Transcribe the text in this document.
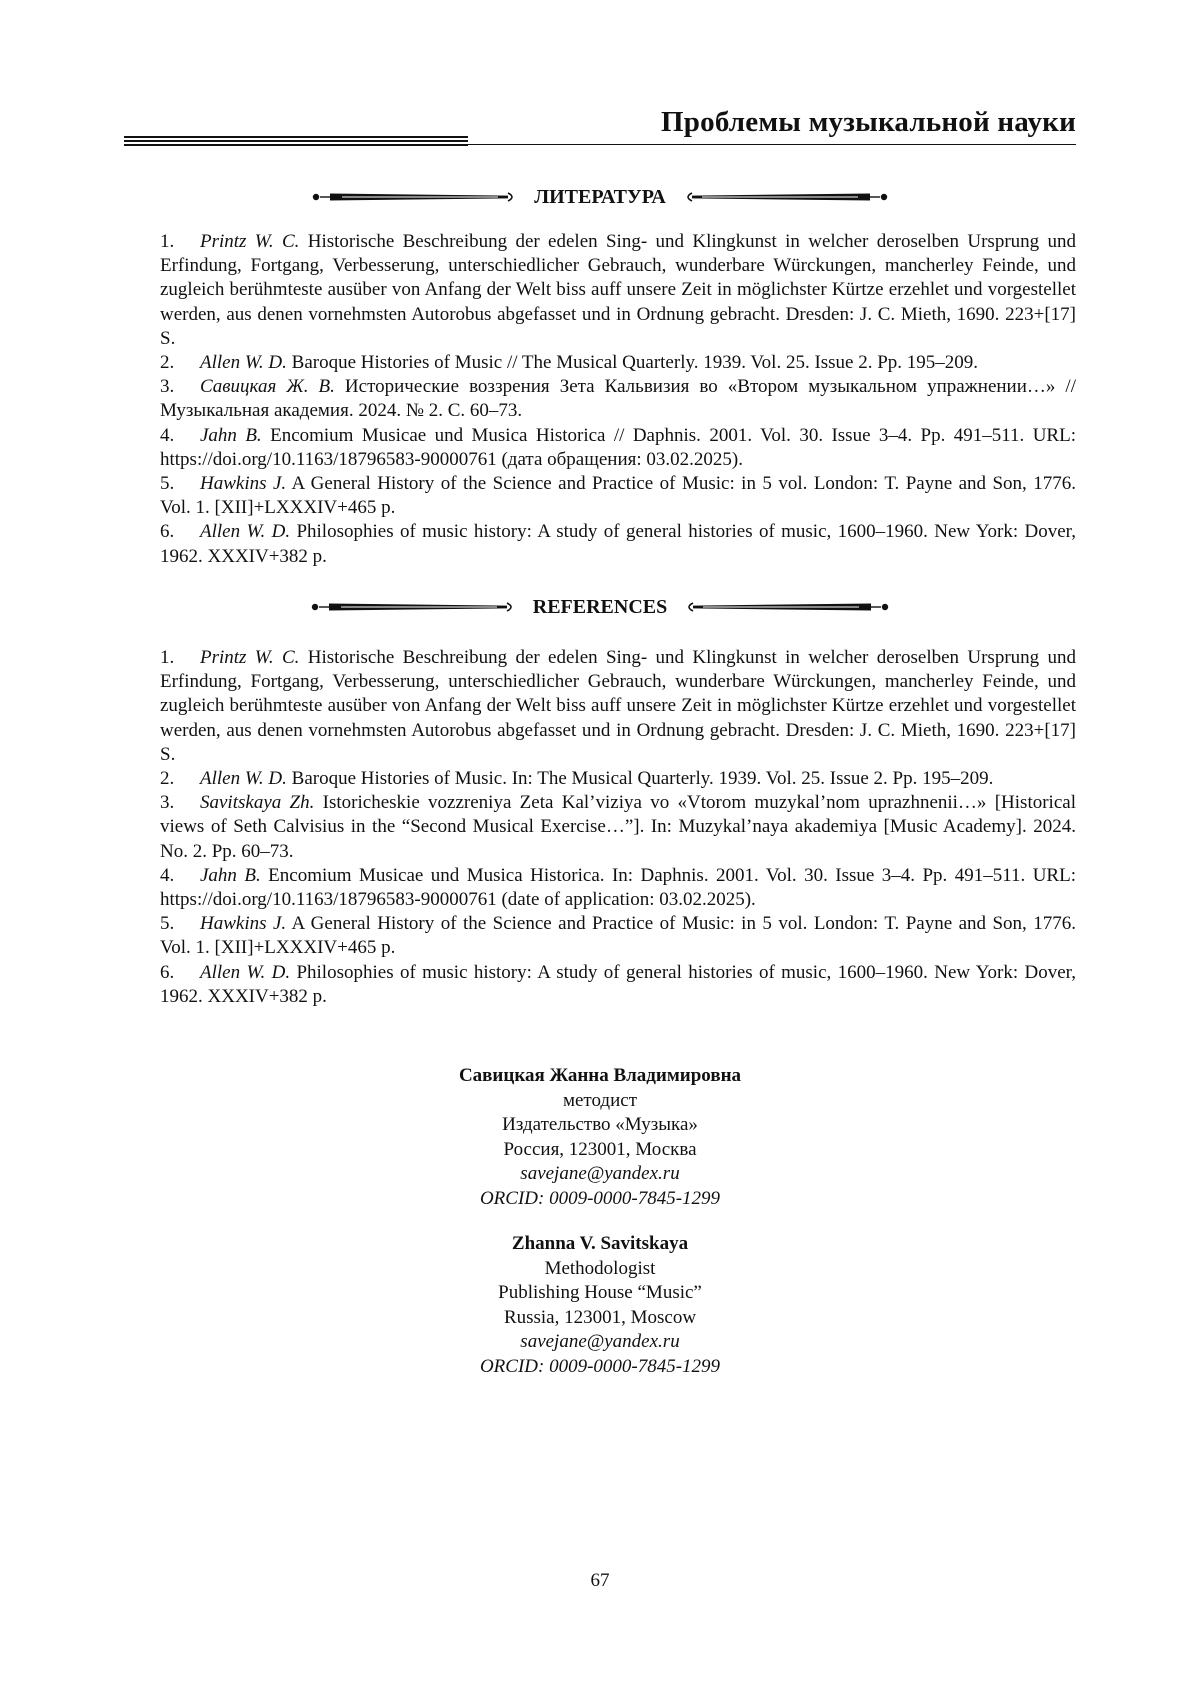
Проблемы музыкальной науки
ЛИТЕРАТУРА

1. Printz W. C. Historische Beschreibung der edelen Sing- und Klingkunst in welcher deroselben Ursprung und Erfindung, Fortgang, Verbesserung, unterschiedlicher Gebrauch, wunderbare Würckungen, mancherley Feinde, und zugleich berühmteste ausüber von Anfang der Welt biss auff unsere Zeit in möglichster Kürtze erzehlet und vorgestellet werden, aus denen vornehmsten Autorobus abgefasset und in Ordnung gebracht. Dresden: J. C. Mieth, 1690. 223+[17] S.

2. Allen W. D. Baroque Histories of Music // The Musical Quarterly. 1939. Vol. 25. Issue 2. Pp. 195–209.

3. Савицкая Ж. В. Исторические воззрения Зета Кальвизия во «Втором музыкальном упражнении…» // Музыкальная академия. 2024. № 2. С. 60–73.

4. Jahn B. Encomium Musicae und Musica Historica // Daphnis. 2001. Vol. 30. Issue 3–4. Pp. 491–511. URL: https://doi.org/10.1163/18796583-90000761 (дата обращения: 03.02.2025).

5. Hawkins J. A General History of the Science and Practice of Music: in 5 vol. London: T. Payne and Son, 1776. Vol. 1. [XII]+LXXXIV+465 p.

6. Allen W. D. Philosophies of music history: A study of general histories of music, 1600–1960. New York: Dover, 1962. XXXIV+382 p.

REFERENCES

1. Printz W. C. Historische Beschreibung der edelen Sing- und Klingkunst in welcher deroselben Ursprung und Erfindung, Fortgang, Verbesserung, unterschiedlicher Gebrauch, wunderbare Würckungen, mancherley Feinde, und zugleich berühmteste ausüber von Anfang der Welt biss auff unsere Zeit in möglichster Kürtze erzehlet und vorgestellet werden, aus denen vornehmsten Autorobus abgefasset und in Ordnung gebracht. Dresden: J. C. Mieth, 1690. 223+[17] S.

2. Allen W. D. Baroque Histories of Music. In: The Musical Quarterly. 1939. Vol. 25. Issue 2. Pp. 195–209.

3. Savitskaya Zh. Istoricheskie vozzreniya Zeta Kal’viziya vo «Vtorom muzykal’nom uprazhnenii…» [Historical views of Seth Calvisius in the “Second Musical Exercise…”]. In: Muzykal’naya akademiya [Music Academy]. 2024. No. 2. Pp. 60–73.

4. Jahn B. Encomium Musicae und Musica Historica. In: Daphnis. 2001. Vol. 30. Issue 3–4. Pp. 491–511. URL: https://doi.org/10.1163/18796583-90000761 (date of application: 03.02.2025).

5. Hawkins J. A General History of the Science and Practice of Music: in 5 vol. London: T. Payne and Son, 1776. Vol. 1. [XII]+LXXXIV+465 p.

6. Allen W. D. Philosophies of music history: A study of general histories of music, 1600–1960. New York: Dover, 1962. XXXIV+382 p.

Савицкая Жанна Владимировна
методист
Издательство «Музыка»
Россия, 123001, Москва
savejane@yandex.ru
ORCID: 0009-0000-7845-1299
Zhanna V. Savitskaya
Methodologist
Publishing House “Music”
Russia, 123001, Moscow
savejane@yandex.ru
ORCID: 0009-0000-7845-1299
67
